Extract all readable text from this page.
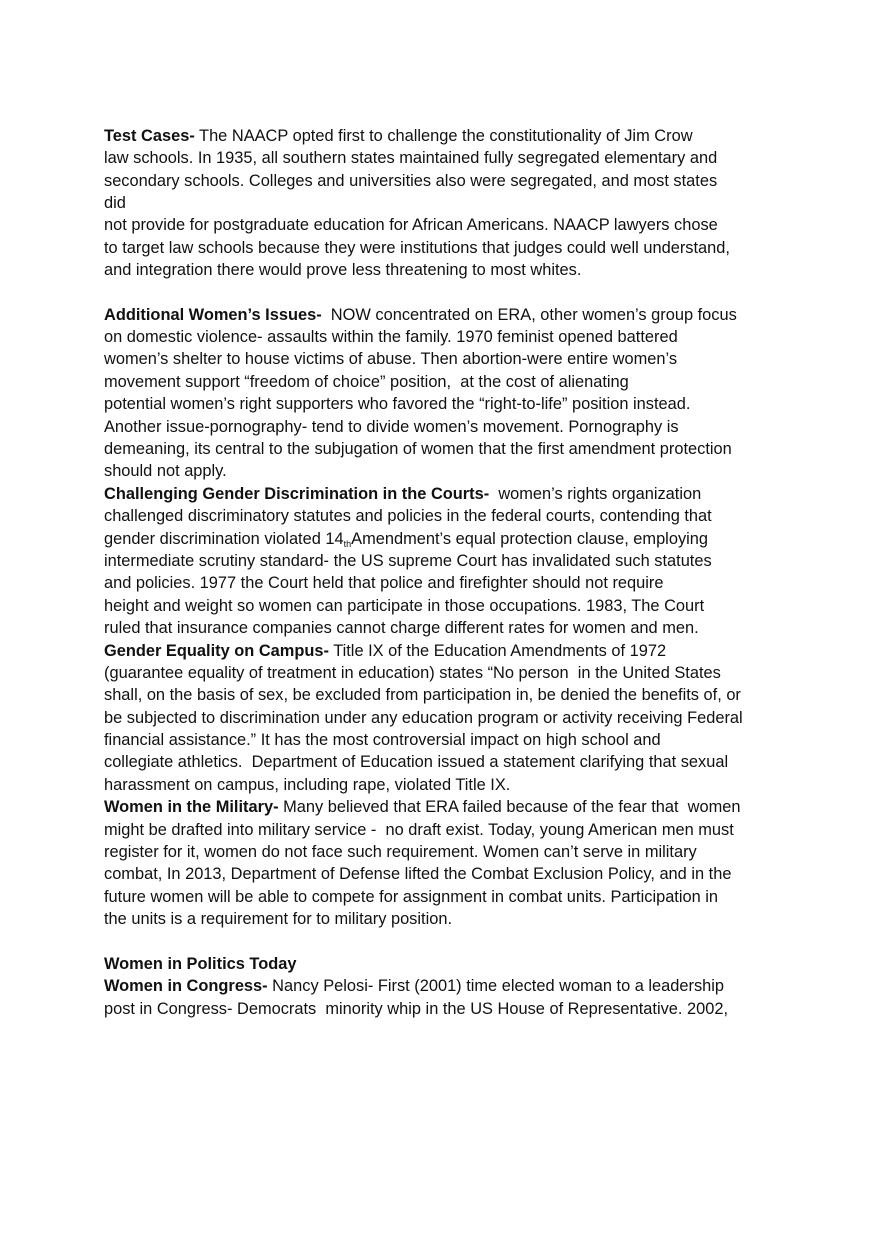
Test Cases- The NAACP opted first to challenge the constitutionality of Jim Crow
law schools. In 1935, all southern states maintained fully segregated elementary and
secondary schools. Colleges and universities also were segregated, and most states
did
not provide for postgraduate education for African Americans. NAACP lawyers chose
to target law schools because they were institutions that judges could well understand,
and integration there would prove less threatening to most whites.
Additional Women’s Issues-  NOW concentrated on ERA, other women’s group focus
on domestic violence- assaults within the family. 1970 feminist opened battered
women’s shelter to house victims of abuse. Then abortion-were entire women’s
movement support “freedom of choice” position,  at the cost of alienating
potential women’s right supporters who favored the “right-to-life” position instead.
Another issue-pornography- tend to divide women’s movement. Pornography is
demeaning, its central to the subjugation of women that the first amendment protection
should not apply.
Challenging Gender Discrimination in the Courts-  women’s rights organization
challenged discriminatory statutes and policies in the federal courts, contending that
gender discrimination violated 14thAmendment’s equal protection clause, employing
intermediate scrutiny standard- the US supreme Court has invalidated such statutes
and policies. 1977 the Court held that police and firefighter should not require
height and weight so women can participate in those occupations. 1983, The Court
ruled that insurance companies cannot charge different rates for women and men.
Gender Equality on Campus- Title IX of the Education Amendments of 1972
(guarantee equality of treatment in education) states “No person  in the United States
shall, on the basis of sex, be excluded from participation in, be denied the benefits of, or
be subjected to discrimination under any education program or activity receiving Federal
financial assistance.” It has the most controversial impact on high school and
collegiate athletics.  Department of Education issued a statement clarifying that sexual
harassment on campus, including rape, violated Title IX.
Women in the Military- Many believed that ERA failed because of the fear that  women
might be drafted into military service -  no draft exist. Today, young American men must
register for it, women do not face such requirement. Women can’t serve in military
combat, In 2013, Department of Defense lifted the Combat Exclusion Policy, and in the
future women will be able to compete for assignment in combat units. Participation in
the units is a requirement for to military position.
Women in Politics Today
Women in Congress- Nancy Pelosi- First (2001) time elected woman to a leadership
post in Congress- Democrats  minority whip in the US House of Representative. 2002,
